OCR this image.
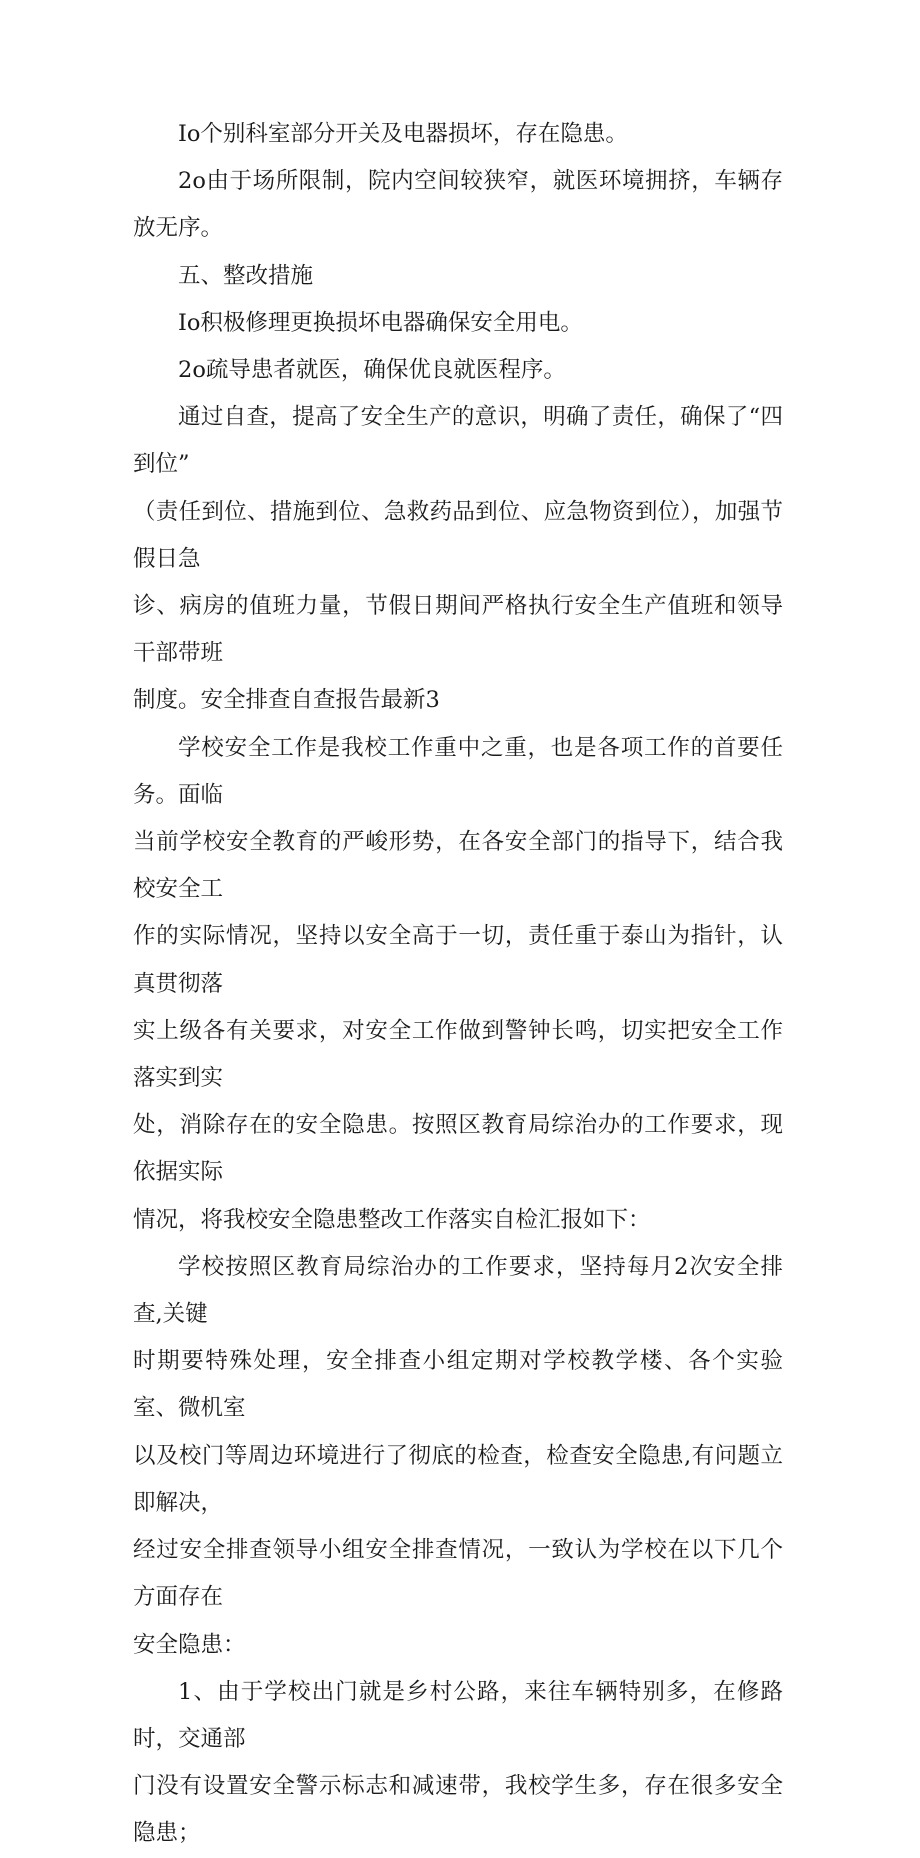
Io个别科室部分开关及电器损坏，存在隐患。

2o由于场所限制，院内空间较狭窄，就医环境拥挤，车辆存放无序。

五、整改措施

Io积极修理更换损坏电器确保安全用电。

2o疏导患者就医，确保优良就医程序。

通过自查，提高了安全生产的意识，明确了责任，确保了“四到位”
（责任到位、措施到位、急救药品到位、应急物资到位），加强节假日急
诊、病房的值班力量，节假日期间严格执行安全生产值班和领导干部带班
制度。安全排查自查报告最新3

学校安全工作是我校工作重中之重，也是各项工作的首要任务。面临
当前学校安全教育的严峻形势，在各安全部门的指导下，结合我校安全工
作的实际情况，坚持以安全高于一切，责任重于泰山为指针，认真贯彻落
实上级各有关要求，对安全工作做到警钟长鸣，切实把安全工作落实到实
处，消除存在的安全隐患。按照区教育局综治办的工作要求，现依据实际
情况，将我校安全隐患整改工作落实自检汇报如下：

学校按照区教育局综治办的工作要求，坚持每月2次安全排查,关键
时期要特殊处理，安全排查小组定期对学校教学楼、各个实验室、微机室
以及校门等周边环境进行了彻底的检查，检查安全隐患,有问题立即解决，
经过安全排查领导小组安全排查情况，一致认为学校在以下几个方面存在
安全隐患：

1、由于学校出门就是乡村公路，来往车辆特别多，在修路时，交通部
门没有设置安全警示标志和减速带，我校学生多，存在很多安全隐患；
